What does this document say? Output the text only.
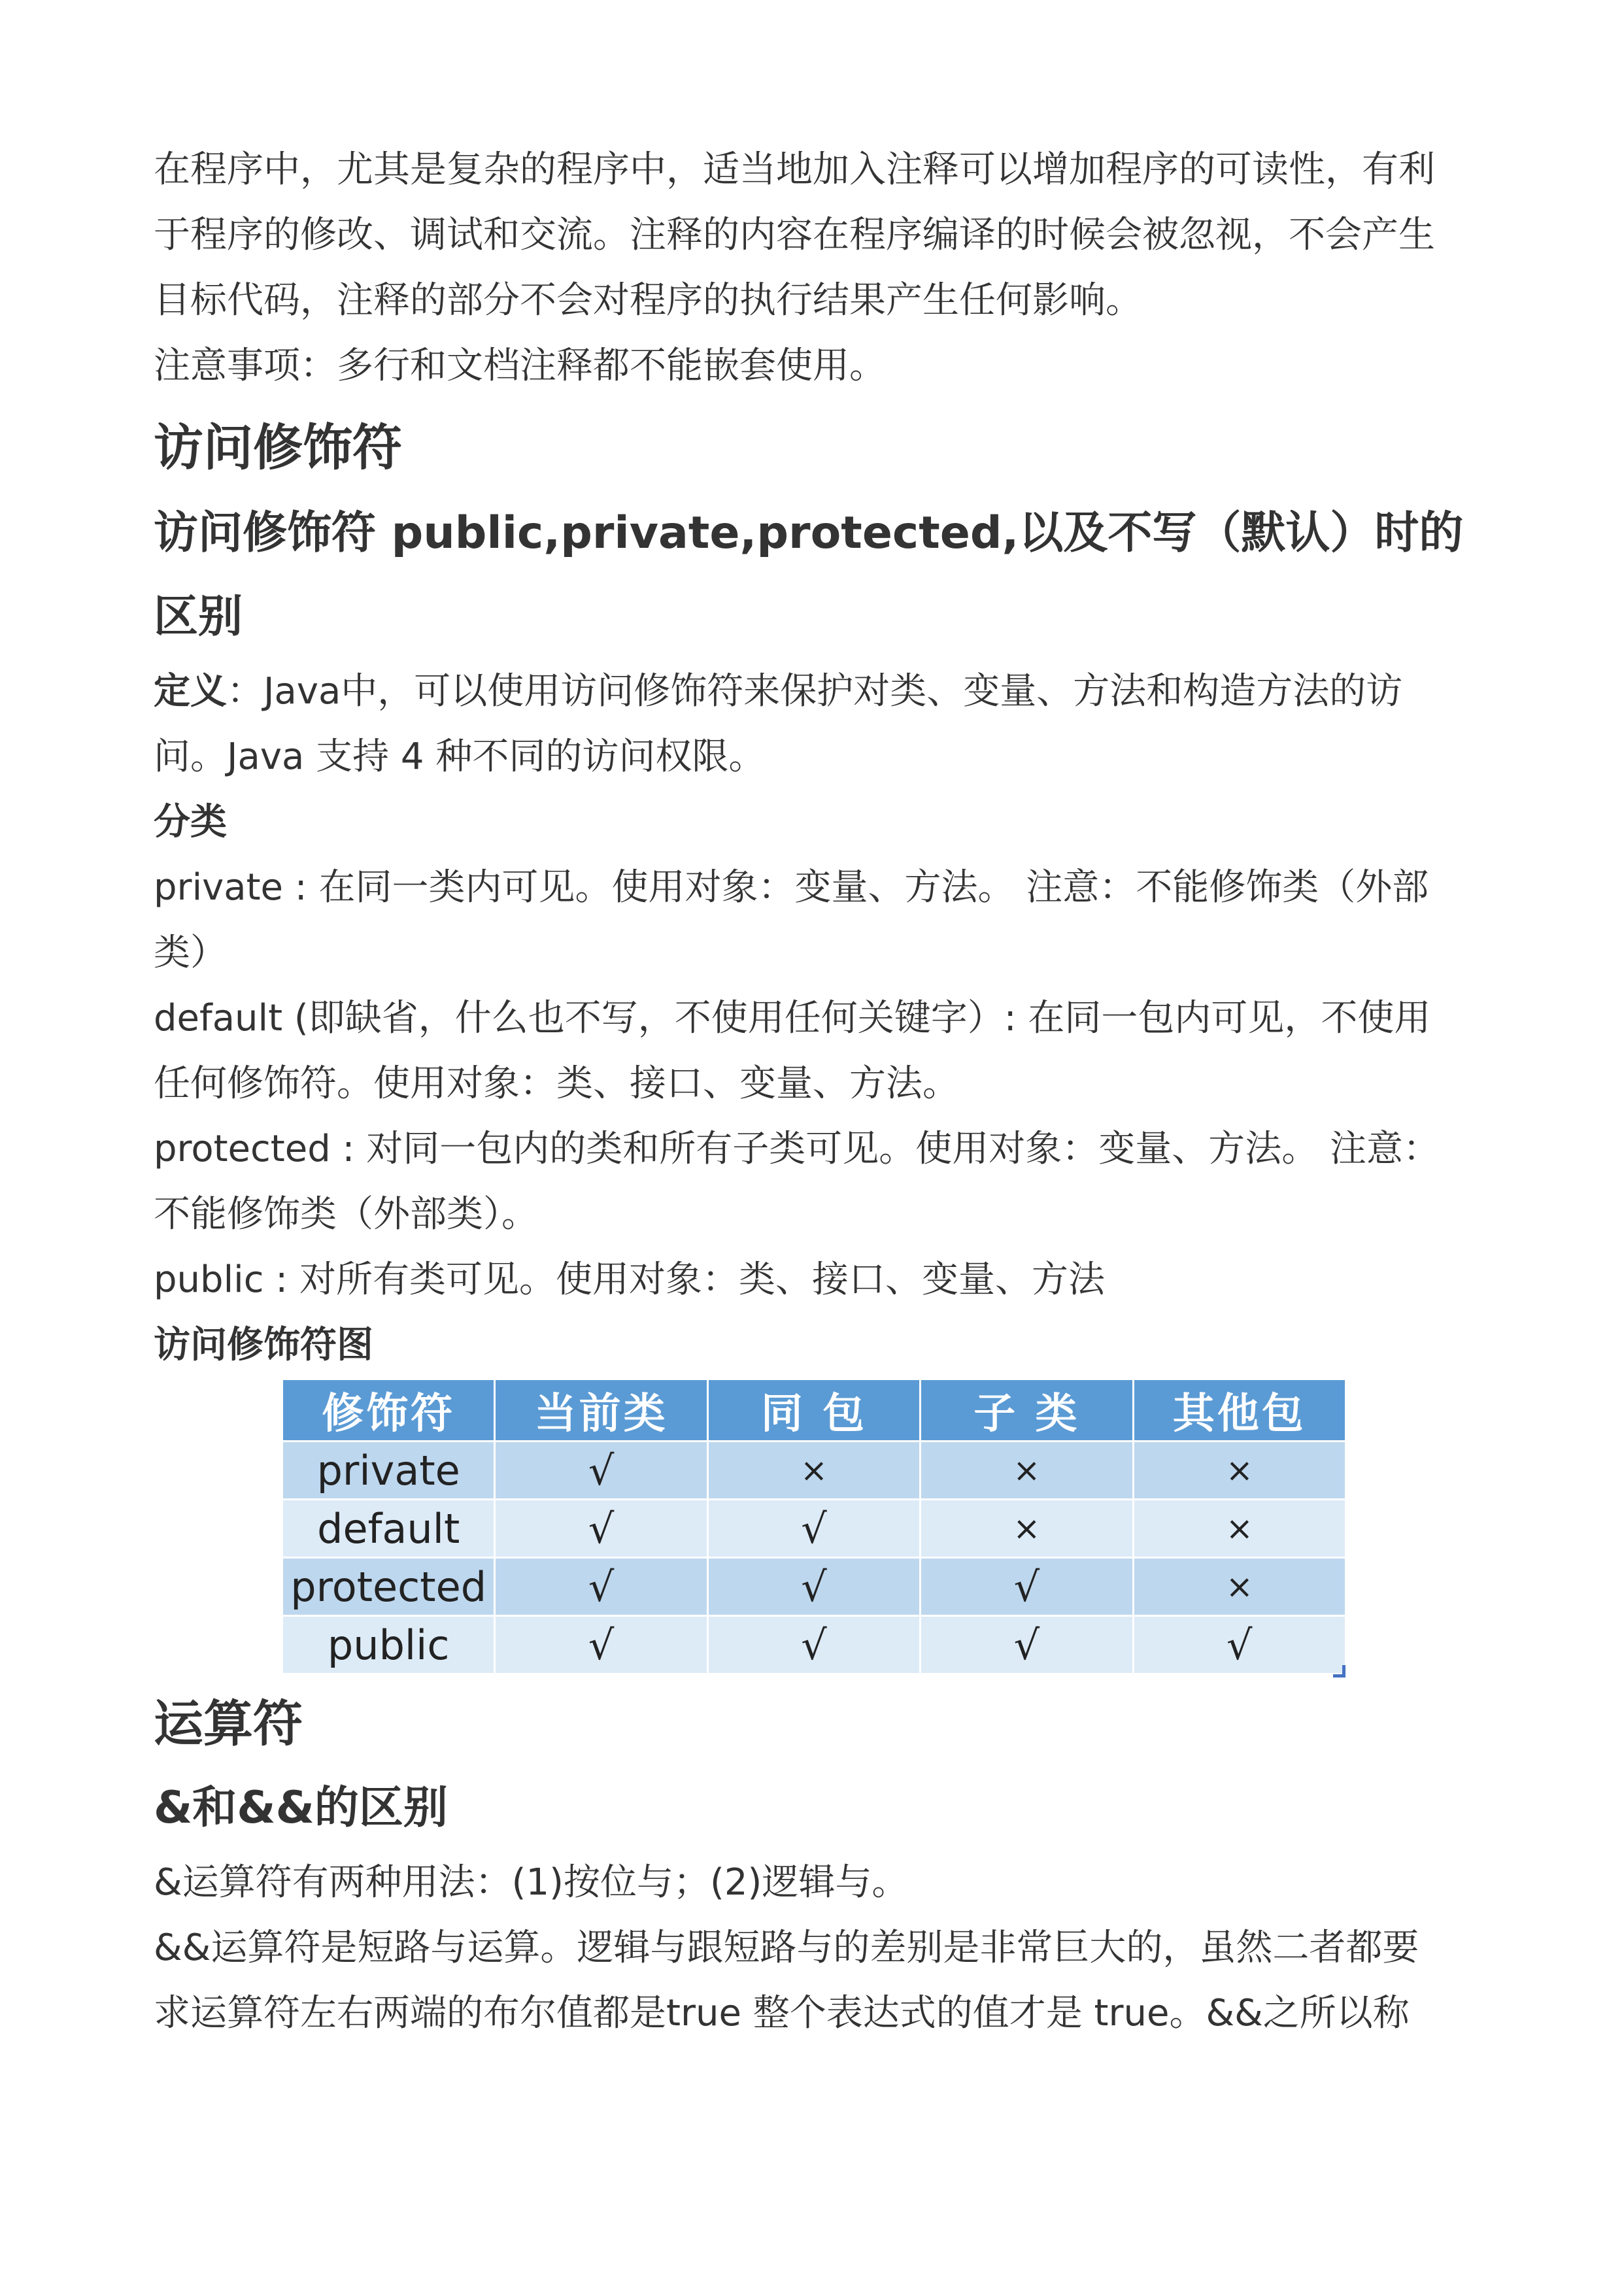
在程序中，尤其是复杂的程序中，适当地加入注释可以增加程序的可读性，有利

于程序的修改、调试和交流。注释的内容在程序编译的时候会被忽视，不会产生

目标代码，注释的部分不会对程序的执行结果产生任何影响。

注意事项：多行和文档注释都不能嵌套使用。

访问修饰符
访问修饰符 public,private,protected,以及不写（默认）时的
区别

定义：Java中，可以使用访问修饰符来保护对类、变量、方法和构造方法的访

问。Java 支持 4 种不同的访问权限。

分类

private : 在同一类内可见。使用对象：变量、方法。 注意：不能修饰类（外部

类）

default (即缺省，什么也不写，不使用任何关键字）: 在同一包内可见，不使用

任何修饰符。使用对象：类、接口、变量、方法。

protected : 对同一包内的类和所有子类可见。使用对象：变量、方法。 注意：

不能修饰类（外部类）。

public : 对所有类可见。使用对象：类、接口、变量、方法

访问修饰符图
修饰符	当前类	同 包	子 类	其他包
private	√	×	×	×
default	√	√	×	×
protected	√	√	√	×
public	√	√	√	√
运算符
&和&&的区别

&运算符有两种用法：(1)按位与；(2)逻辑与。

&&运算符是短路与运算。逻辑与跟短路与的差别是非常巨大的，虽然二者都要

求运算符左右两端的布尔值都是true 整个表达式的值才是 true。&&之所以称
